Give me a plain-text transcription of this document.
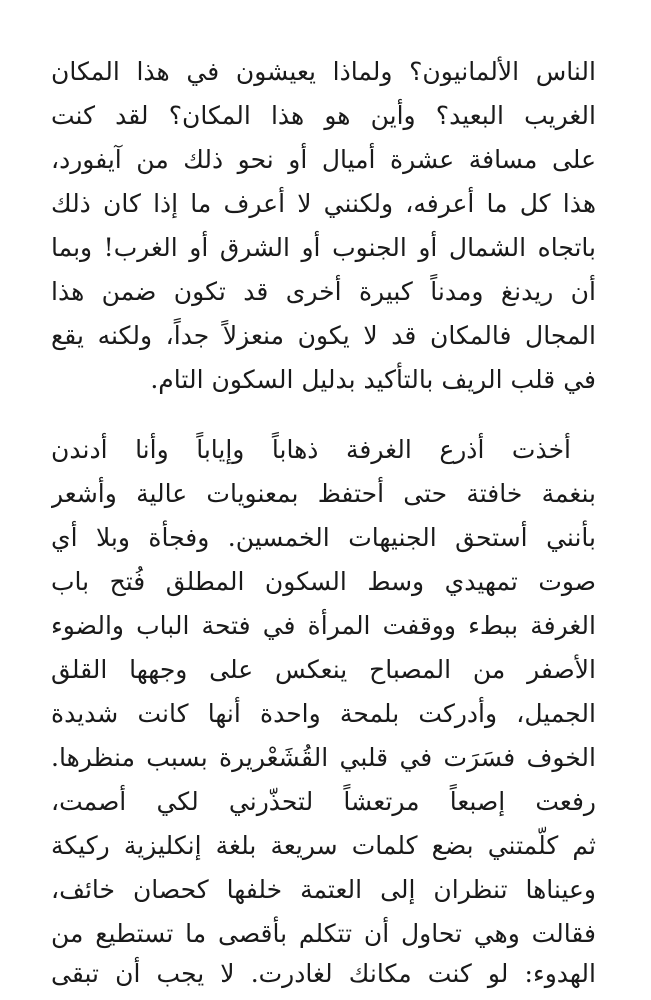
الناس الألمانيون؟ ولماذا يعيشون في هذا المكان

الغريب البعيد؟ وأين هو هذا المكان؟ لقد كنت

على مسافة عشرة أميال أو نحو ذلك من آيفورد،

هذا كل ما أعرفه، ولكنني لا أعرف ما إذا كان ذلك

باتجاه الشمال أو الجنوب أو الشرق أو الغرب! وبما

أن ريدنغ ومدناً كبيرة أخرى قد تكون ضمن هذا

المجال فالمكان قد لا يكون منعزلاً جداً، ولكنه يقع

في قلب الريف بالتأكيد بدليل السكون التام.

أخذت أذرع الغرفة ذهاباً وإياباً وأنا أدندن

بنغمة خافتة حتى أحتفظ بمعنويات عالية وأشعر

بأنني أستحق الجنيهات الخمسين. وفجأة وبلا أي

صوت تمهيدي وسط السكون المطلق فُتح باب

الغرفة ببطء ووقفت المرأة في فتحة الباب والضوء

الأصفر من المصباح ينعكس على وجهها القلق

الجميل، وأدركت بلمحة واحدة أنها كانت شديدة

الخوف فسَرَت في قلبي القُشَعْريرة بسبب منظرها.

رفعت إصبعاً مرتعشاً لتحذّرني لكي أصمت،

ثم كلّمتني بضع كلمات سريعة بلغة إنكليزية ركيكة

وعيناها تنظران إلى العتمة خلفها كحصان خائف،

فقالت وهي تحاول أن تتكلم بأقصى ما تستطيع من

الهدوء: لو كنت مكانك لغادرت. لا يجب أن تبقى
